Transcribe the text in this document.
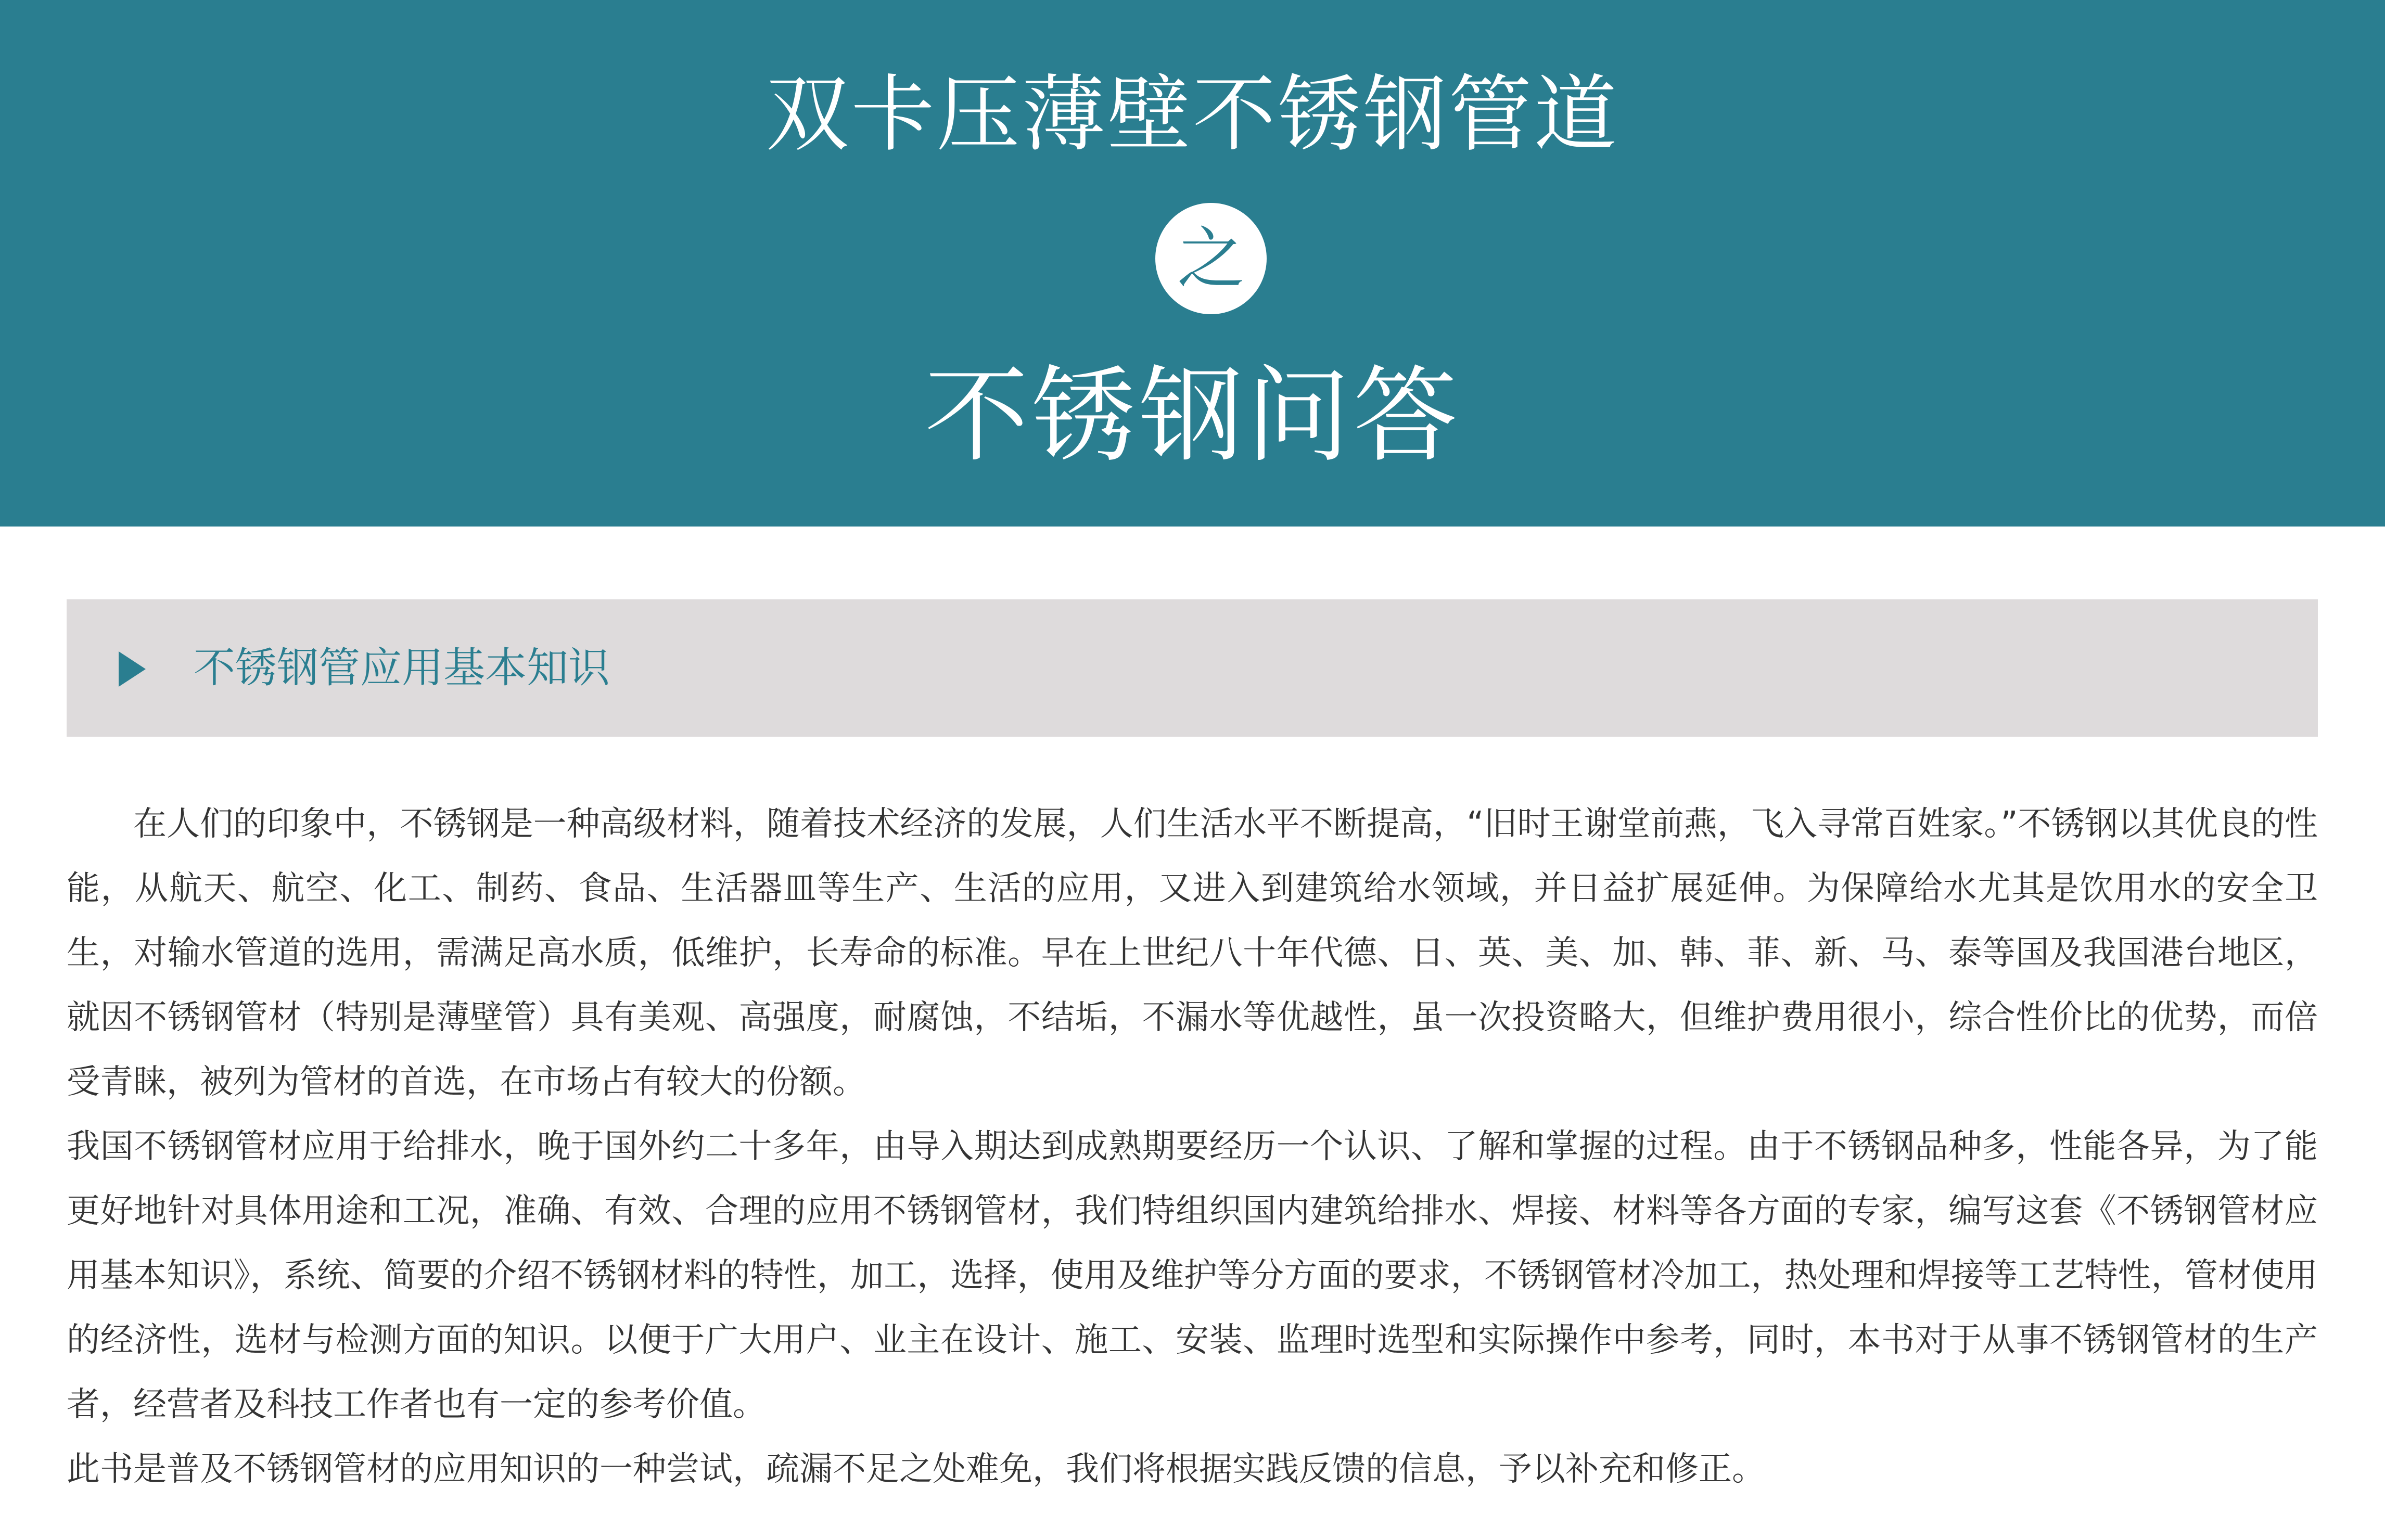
双卡压薄壁不锈钢管道
之
不锈钢问答
不锈钢管应用基本知识

在人们的印象中，不锈钢是一种高级材料，随着技术经济的发展，人们生活水平不断提高，“旧时王谢堂前燕，飞入寻常百姓家。”不锈钢以其优良的性能，从航天、航空、化工、制药、食品、生活器皿等生产、生活的应用，又进入到建筑给水领域，并日益扩展延伸。为保障给水尤其是饮用水的安全卫生，对输水管道的选用，需满足高水质，低维护，长寿命的标准。早在上世纪八十年代德、日、英、美、加、韩、菲、新、马、泰等国及我国港台地区，就因不锈钢管材（特别是薄壁管）具有美观、高强度，耐腐蚀，不结垢，不漏水等优越性，虽一次投资略大，但维护费用很小，综合性价比的优势，而倍受青睐，被列为管材的首选，在市场占有较大的份额。

我国不锈钢管材应用于给排水，晚于国外约二十多年，由导入期达到成熟期要经历一个认识、了解和掌握的过程。由于不锈钢品种多，性能各异，为了能更好地针对具体用途和工况，准确、有效、合理的应用不锈钢管材，我们特组织国内建筑给排水、焊接、材料等各方面的专家，编写这套《不锈钢管材应用基本知识》，系统、简要的介绍不锈钢材料的特性，加工，选择，使用及维护等分方面的要求，不锈钢管材冷加工，热处理和焊接等工艺特性，管材使用的经济性，选材与检测方面的知识。以便于广大用户、业主在设计、施工、安装、监理时选型和实际操作中参考，同时，本书对于从事不锈钢管材的生产者，经营者及科技工作者也有一定的参考价值。

此书是普及不锈钢管材的应用知识的一种尝试，疏漏不足之处难免，我们将根据实践反馈的信息，予以补充和修正。
